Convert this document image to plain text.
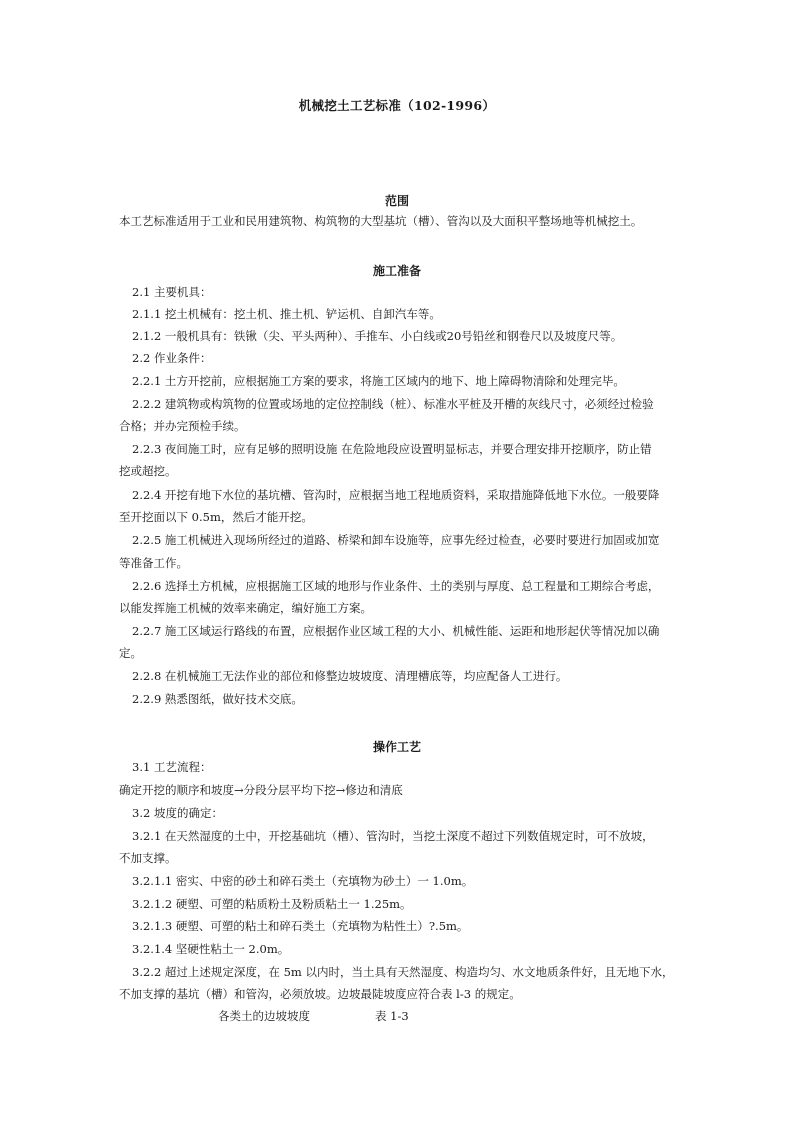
机械挖土工艺标准（102-1996）
范围
本工艺标准适用于工业和民用建筑物、构筑物的大型基坑（槽）、管沟以及大面积平整场地等机械挖土。
施工准备
2.1 主要机具：
2.1.1 挖土机械有：挖土机、推土机、铲运机、自卸汽车等。
2.1.2 一般机具有：铁锹（尖、平头两种）、手推车、小白线或20号铅丝和钢卷尺以及坡度尺等。
2.2 作业条件：
2.2.1 土方开挖前，应根据施工方案的要求，将施工区域内的地下、地上障碍物清除和处理完毕。
2.2.2 建筑物或构筑物的位置或场地的定位控制线（桩）、标准水平桩及开槽的灰线尺寸，必须经过检验
合格；并办完预检手续。
2.2.3 夜间施工时，应有足够的照明设施 在危险地段应设置明显标志，并要合理安排开挖顺序，防止错
挖或超挖。
2.2.4 开挖有地下水位的基坑槽、管沟时，应根据当地工程地质资料，采取措施降低地下水位。一般要降
至开挖面以下 0.5m，然后才能开挖。
2.2.5 施工机械进入现场所经过的道路、桥梁和卸车设施等，应事先经过检查，必要时要进行加固或加宽
等准备工作。
2.2.6 选择土方机械，应根据施工区域的地形与作业条件、土的类别与厚度、总工程量和工期综合考虑，
以能发挥施工机械的效率来确定，编好施工方案。
2.2.7 施工区域运行路线的布置，应根据作业区域工程的大小、机械性能、运距和地形起伏等情况加以确
定。
2.2.8 在机械施工无法作业的部位和修整边坡坡度、清理槽底等，均应配备人工进行。
2.2.9 熟悉图纸，做好技术交底。
操作工艺
3.1 工艺流程：
确定开挖的顺序和坡度→分段分层平均下挖→修边和清底
3.2 坡度的确定：
3.2.1 在天然湿度的土中，开挖基础坑（槽）、管沟时，当挖土深度不超过下列数值规定时，可不放坡，
不加支撑。
3.2.1.1 密实、中密的砂土和碎石类土（充填物为砂土）一 1.0m。
3.2.1.2 硬塑、可塑的粘质粉土及粉质粘土一 1.25m。
3.2.1.3 硬塑、可塑的粘土和碎石类土（充填物为粘性土）?.5m。
3.2.1.4 坚硬性粘土一 2.0m。
3.2.2 超过上述规定深度，在 5m 以内时，当土具有天然湿度、构造均匀、水文地质条件好，且无地下水，
不加支撑的基坑（槽）和管沟，必须放坡。边坡最陡坡度应符合表 l-3 的规定。
各类土的边坡坡度	表 1-3
